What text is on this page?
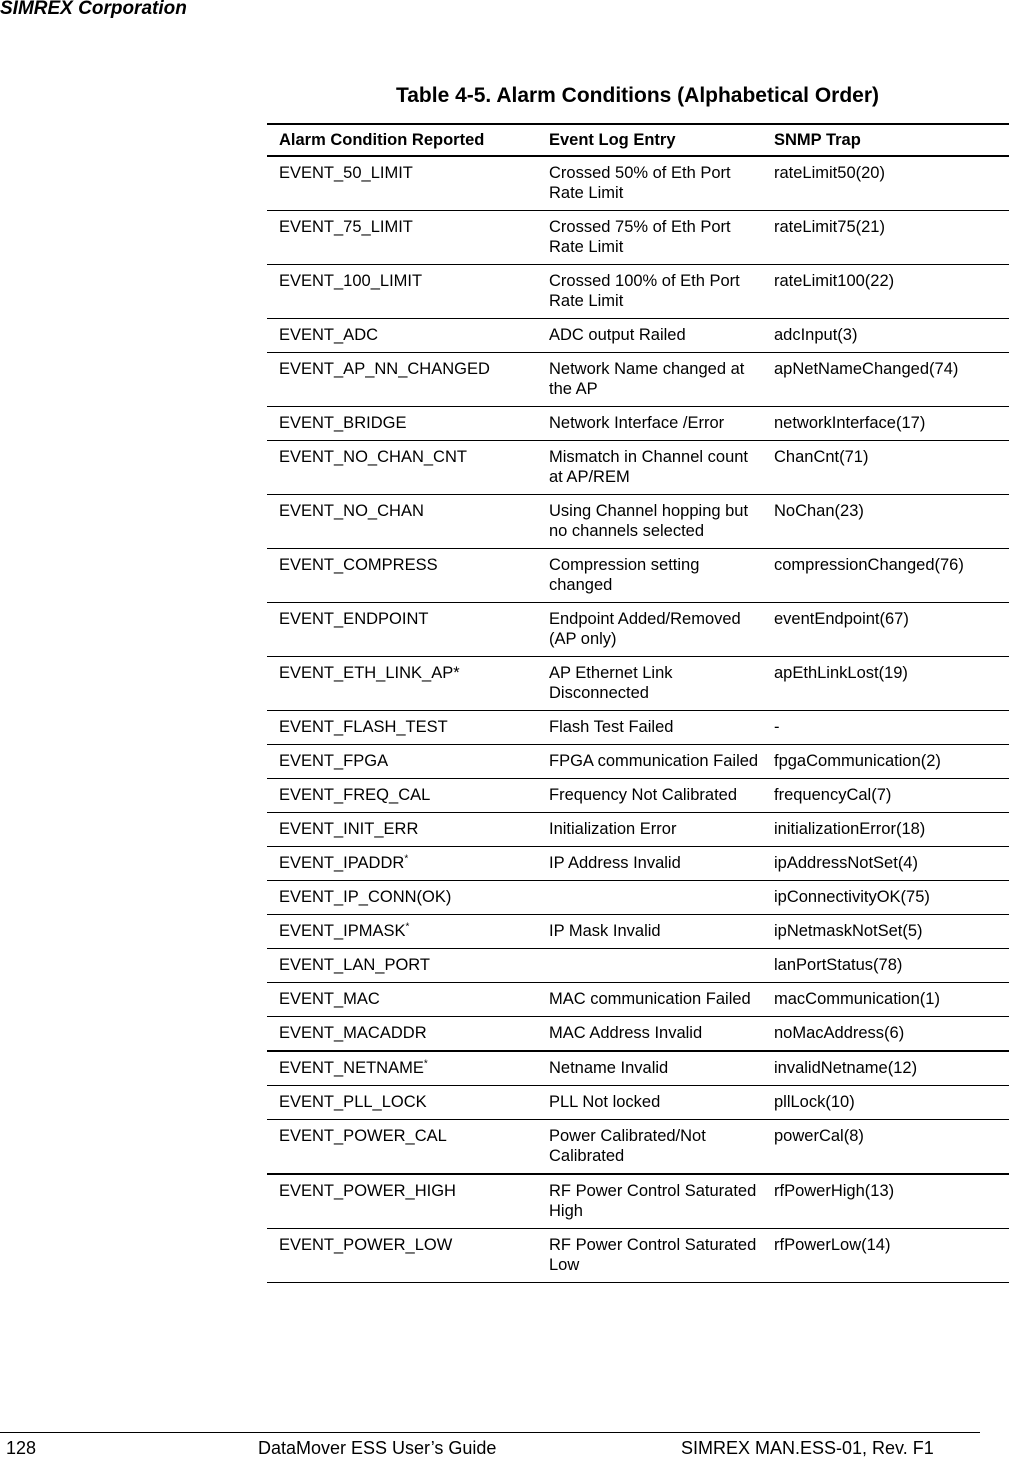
SIMREX Corporation
Table 4-5. Alarm Conditions (Alphabetical Order)
Alarm Condition Reported	Event Log Entry	SNMP Trap
EVENT_50_LIMIT	Crossed 50% of Eth Port Rate Limit	rateLimit50(20)
EVENT_75_LIMIT	Crossed 75% of Eth Port Rate Limit	rateLimit75(21)
EVENT_100_LIMIT	Crossed 100% of Eth Port Rate Limit	rateLimit100(22)
EVENT_ADC	ADC output Railed	adcInput(3)
EVENT_AP_NN_CHANGED	Network Name changed at the AP	apNetNameChanged(74)
EVENT_BRIDGE	Network Interface /Error	networkInterface(17)
EVENT_NO_CHAN_CNT	Mismatch in Channel count at AP/REM	ChanCnt(71)
EVENT_NO_CHAN	Using Channel hopping but no channels selected	NoChan(23)
EVENT_COMPRESS	Compression setting changed	compressionChanged(76)
EVENT_ENDPOINT	Endpoint Added/Removed (AP only)	eventEndpoint(67)
EVENT_ETH_LINK_AP*	AP Ethernet Link Disconnected	apEthLinkLost(19)
EVENT_FLASH_TEST	Flash Test Failed	-
EVENT_FPGA	FPGA communication Failed	fpgaCommunication(2)
EVENT_FREQ_CAL	Frequency Not Calibrated	frequencyCal(7)
EVENT_INIT_ERR	Initialization Error	initializationError(18)
EVENT_IPADDR*	IP Address Invalid	ipAddressNotSet(4)
EVENT_IP_CONN(OK)		ipConnectivityOK(75)
EVENT_IPMASK*	IP Mask Invalid	ipNetmaskNotSet(5)
EVENT_LAN_PORT		lanPortStatus(78)
EVENT_MAC	MAC communication Failed	macCommunication(1)
EVENT_MACADDR	MAC Address Invalid	noMacAddress(6)
EVENT_NETNAME*	Netname Invalid	invalidNetname(12)
EVENT_PLL_LOCK	PLL Not locked	pllLock(10)
EVENT_POWER_CAL	Power Calibrated/Not Calibrated	powerCal(8)
EVENT_POWER_HIGH	RF Power Control Saturated High	rfPowerHigh(13)
EVENT_POWER_LOW	RF Power Control Saturated Low	rfPowerLow(14)
128	DataMover ESS User’s Guide	SIMREX MAN.ESS-01, Rev. F1
